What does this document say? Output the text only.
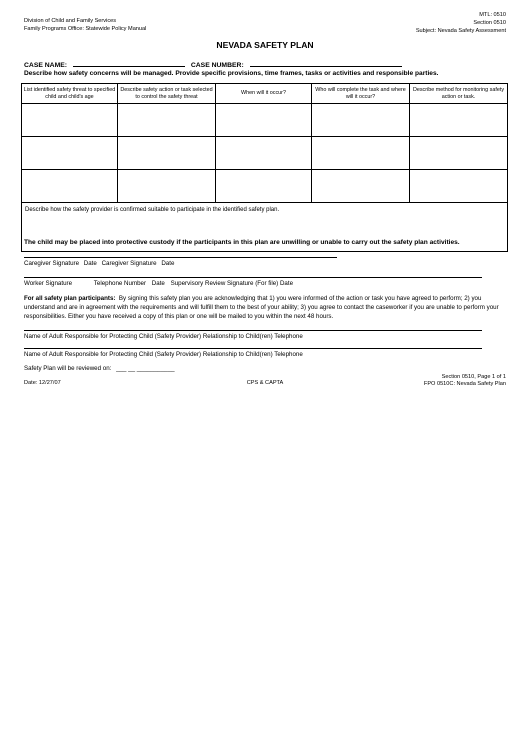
Division of Child and Family Services
Family Programs Office: Statewide Policy Manual
MTL: 0510
Section 0510
Subject: Nevada Safety Assessment
NEVADA SAFETY PLAN
CASE NAME:	CASE NUMBER:
Describe how safety concerns will be managed. Provide specific provisions, time frames, tasks or activities and responsible parties.
List identified safety threat to specified child and child's age	Describe safety action or task selected to control the safety threat	When will it occur?	Who will complete the task and where will it occur?	Describe method for monitoring safety action or task.

Describe how the safety provider is confirmed suitable to participate in the identified safety plan.				
The child may be placed into protective custody if the participants in this plan are unwilling or unable to carry out the safety plan activities.
Caregiver Signature Date Caregiver Signature Date
Worker Signature	Telephone Number Date Supervisory Review Signature (For file) Date
For all safety plan participants: By signing this safety plan you are acknowledging that 1) you were informed of the action or task you have agreed to perform; 2) you understand and are in agreement with the requirements and will fulfill them to the best of your ability; 3) you agree to contact the caseworker if you are unable to perform your responsibilities. Either you have received a copy of this plan or one will be mailed to you within the next 48 hours.
Name of Adult Responsible for Protecting Child (Safety Provider) Relationship to Child(ren) Telephone
Name of Adult Responsible for Protecting Child (Safety Provider) Relationship to Child(ren) Telephone
Safety Plan will be reviewed on: ___ __ ___________
Date: 12/27/07	CPS & CAPTA
Section 0510, Page 1 of 1
FPO 0510C: Nevada Safety Plan
